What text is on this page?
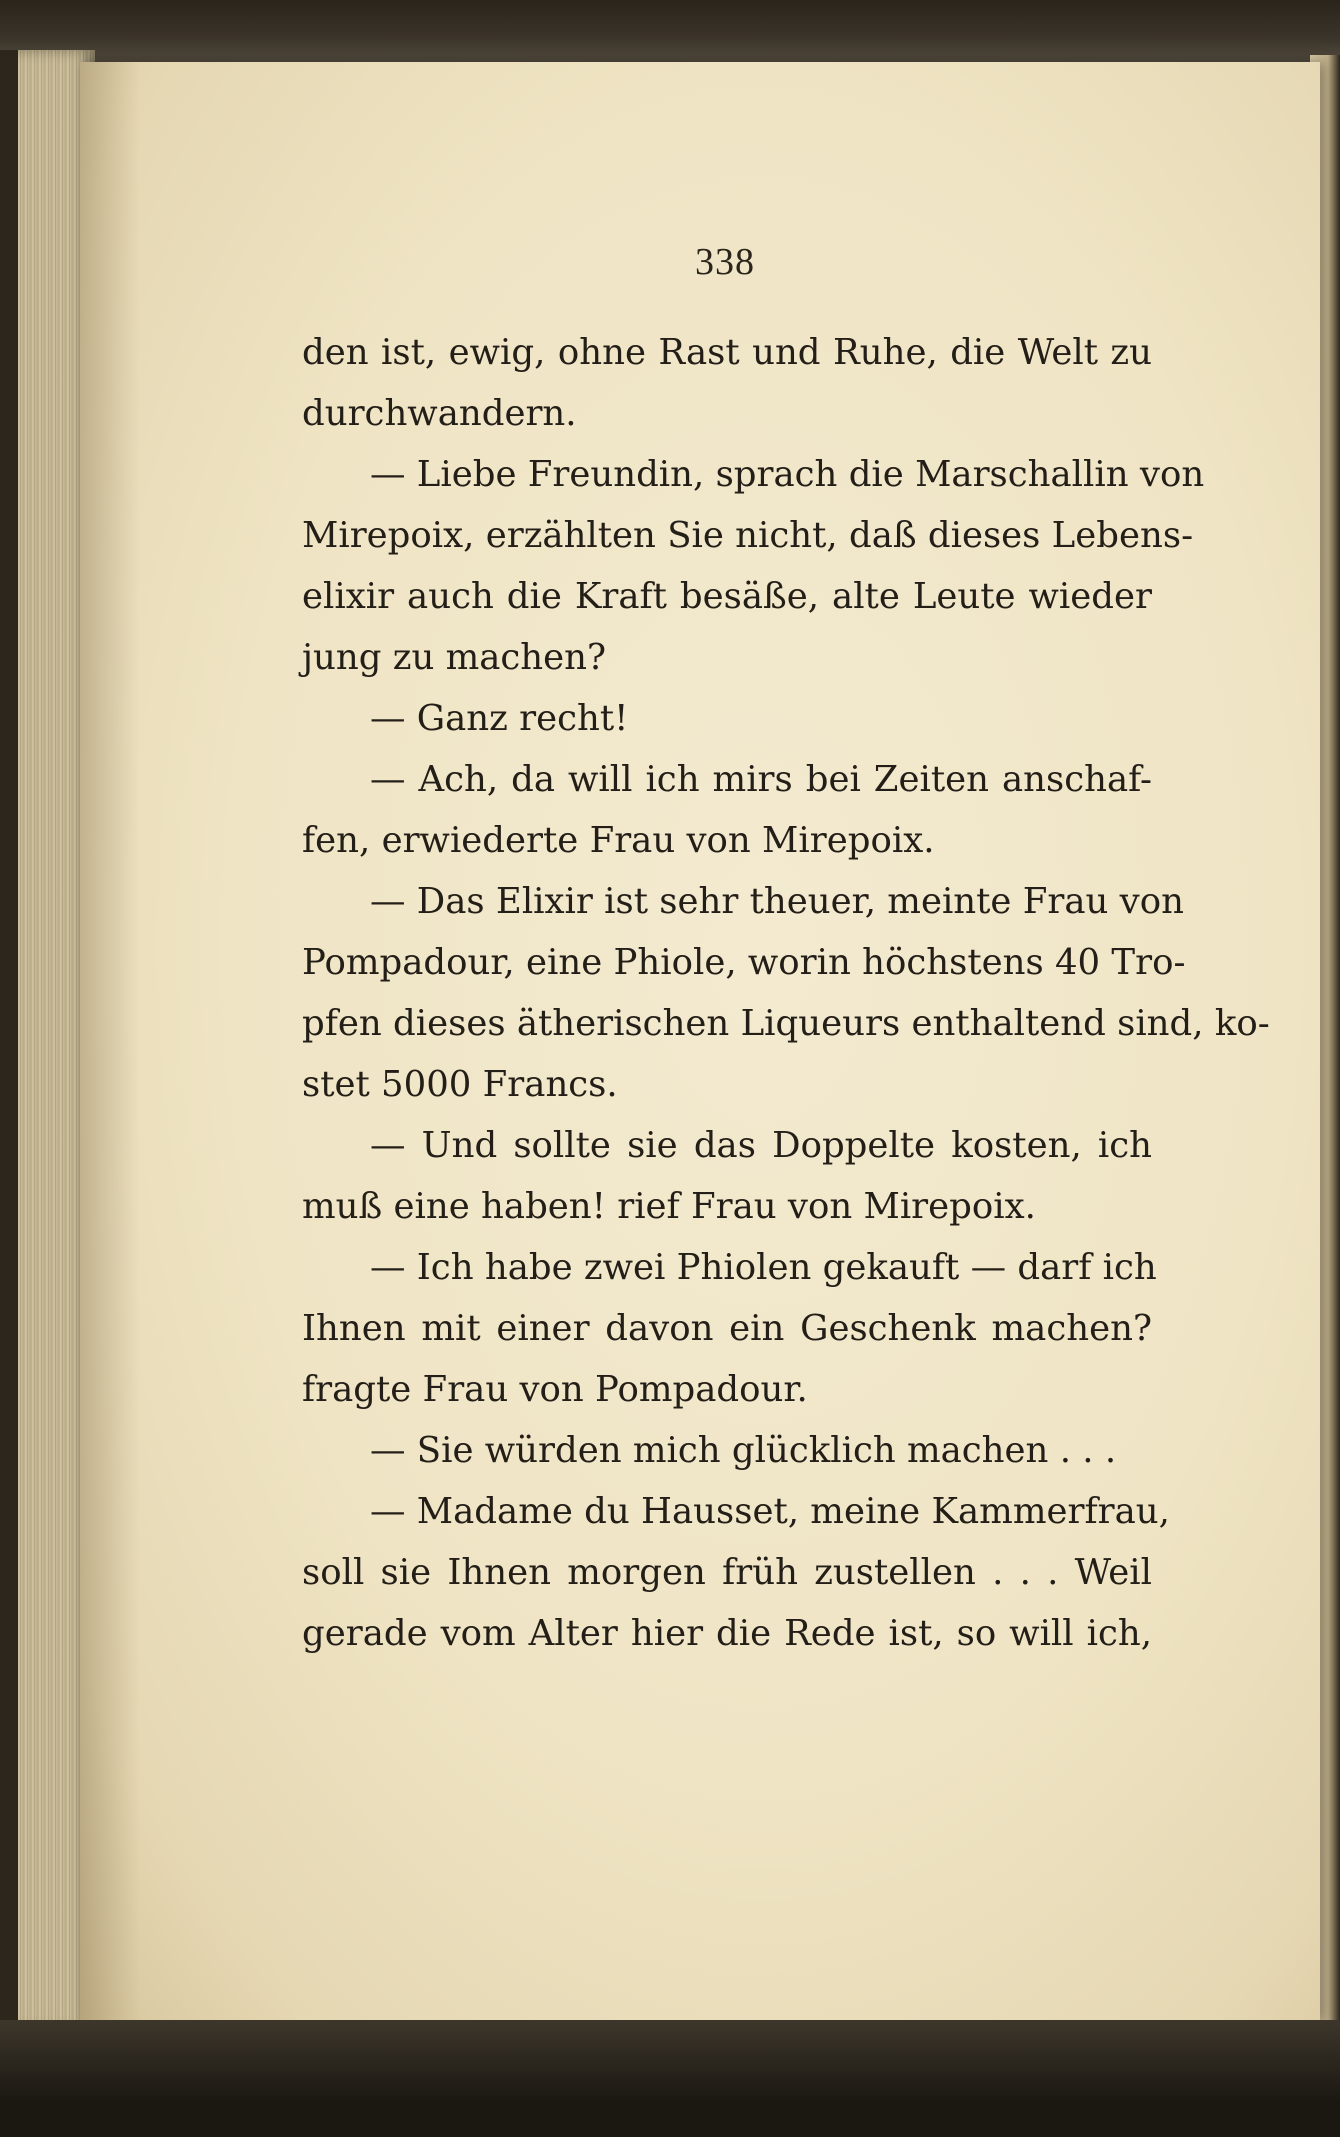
338
den ist, ewig, ohne Rast und Ruhe, die Welt zu
durchwandern.
— Liebe Freundin, sprach die Marschallin von
Mirepoix, erzählten Sie nicht, daß dieses Lebens-
elixir auch die Kraft besäße, alte Leute wieder
jung zu machen?
— Ganz recht!
— Ach, da will ich mirs bei Zeiten anschaf-
fen, erwiederte Frau von Mirepoix.
— Das Elixir ist sehr theuer, meinte Frau von
Pompadour, eine Phiole, worin höchstens 40 Tro-
pfen dieses ätherischen Liqueurs enthaltend sind, ko-
stet 5000 Francs.
— Und sollte sie das Doppelte kosten, ich
muß eine haben! rief Frau von Mirepoix.
— Ich habe zwei Phiolen gekauft — darf ich
Ihnen mit einer davon ein Geschenk machen?
fragte Frau von Pompadour.
— Sie würden mich glücklich machen . . .
— Madame du Hausset, meine Kammerfrau,
soll sie Ihnen morgen früh zustellen . . . Weil
gerade vom Alter hier die Rede ist, so will ich,
